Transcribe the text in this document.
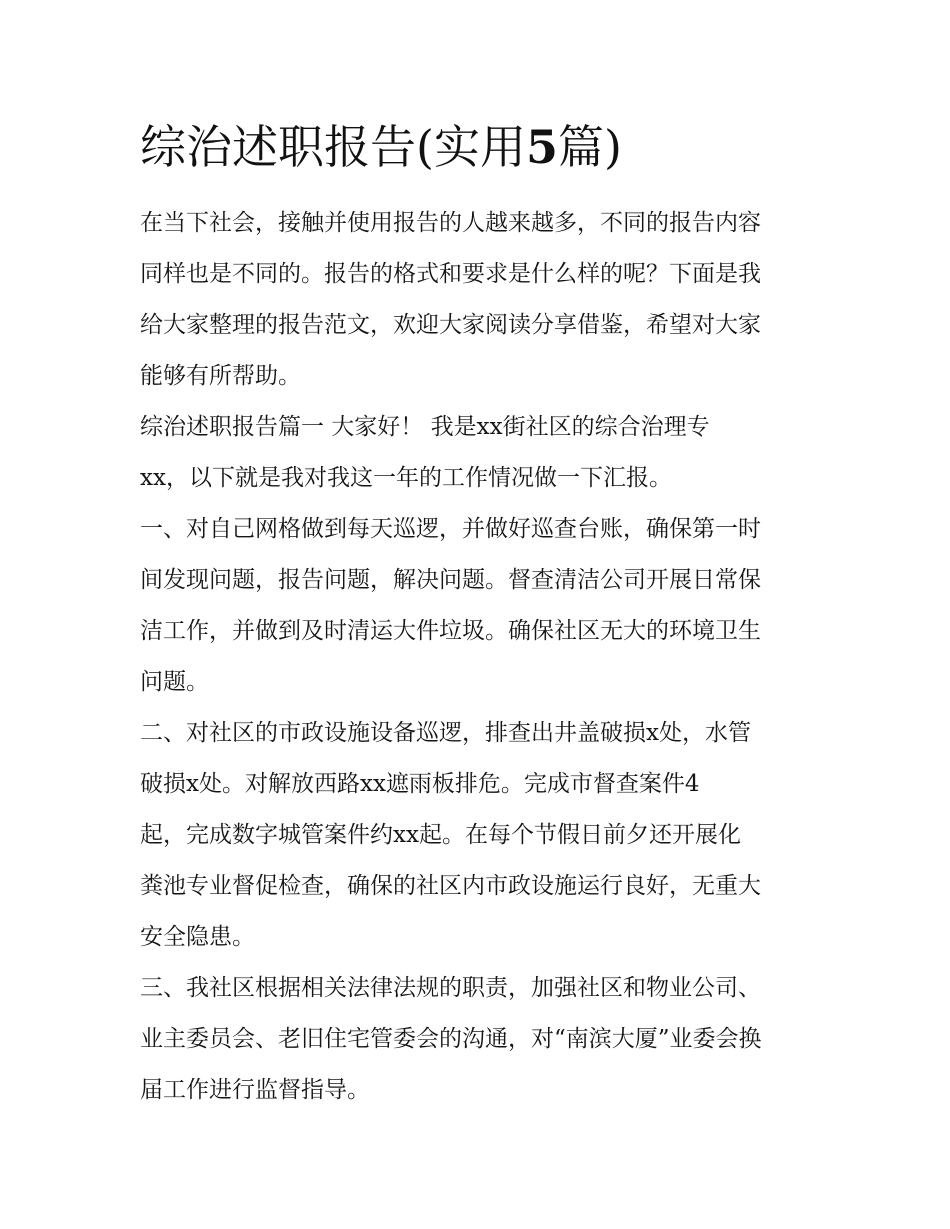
综治述职报告(实用5篇)
在当下社会，接触并使用报告的人越来越多，不同的报告内容
同样也是不同的。报告的格式和要求是什么样的呢？下面是我
给大家整理的报告范文，欢迎大家阅读分享借鉴，希望对大家
能够有所帮助。
综治述职报告篇一 大家好！ 我是xx街社区的综合治理专
xx，以下就是我对我这一年的工作情况做一下汇报。
一、对自己网格做到每天巡逻，并做好巡查台账，确保第一时
间发现问题，报告问题，解决问题。督查清洁公司开展日常保
洁工作，并做到及时清运大件垃圾。确保社区无大的环境卫生
问题。
二、对社区的市政设施设备巡逻，排查出井盖破损x处，水管
破损x处。对解放西路xx遮雨板排危。完成市督查案件4
起，完成数字城管案件约xx起。在每个节假日前夕还开展化
粪池专业督促检查，确保的社区内市政设施运行良好，无重大
安全隐患。
三、我社区根据相关法律法规的职责，加强社区和物业公司、
业主委员会、老旧住宅管委会的沟通，对“南滨大厦”业委会换
届工作进行监督指导。
